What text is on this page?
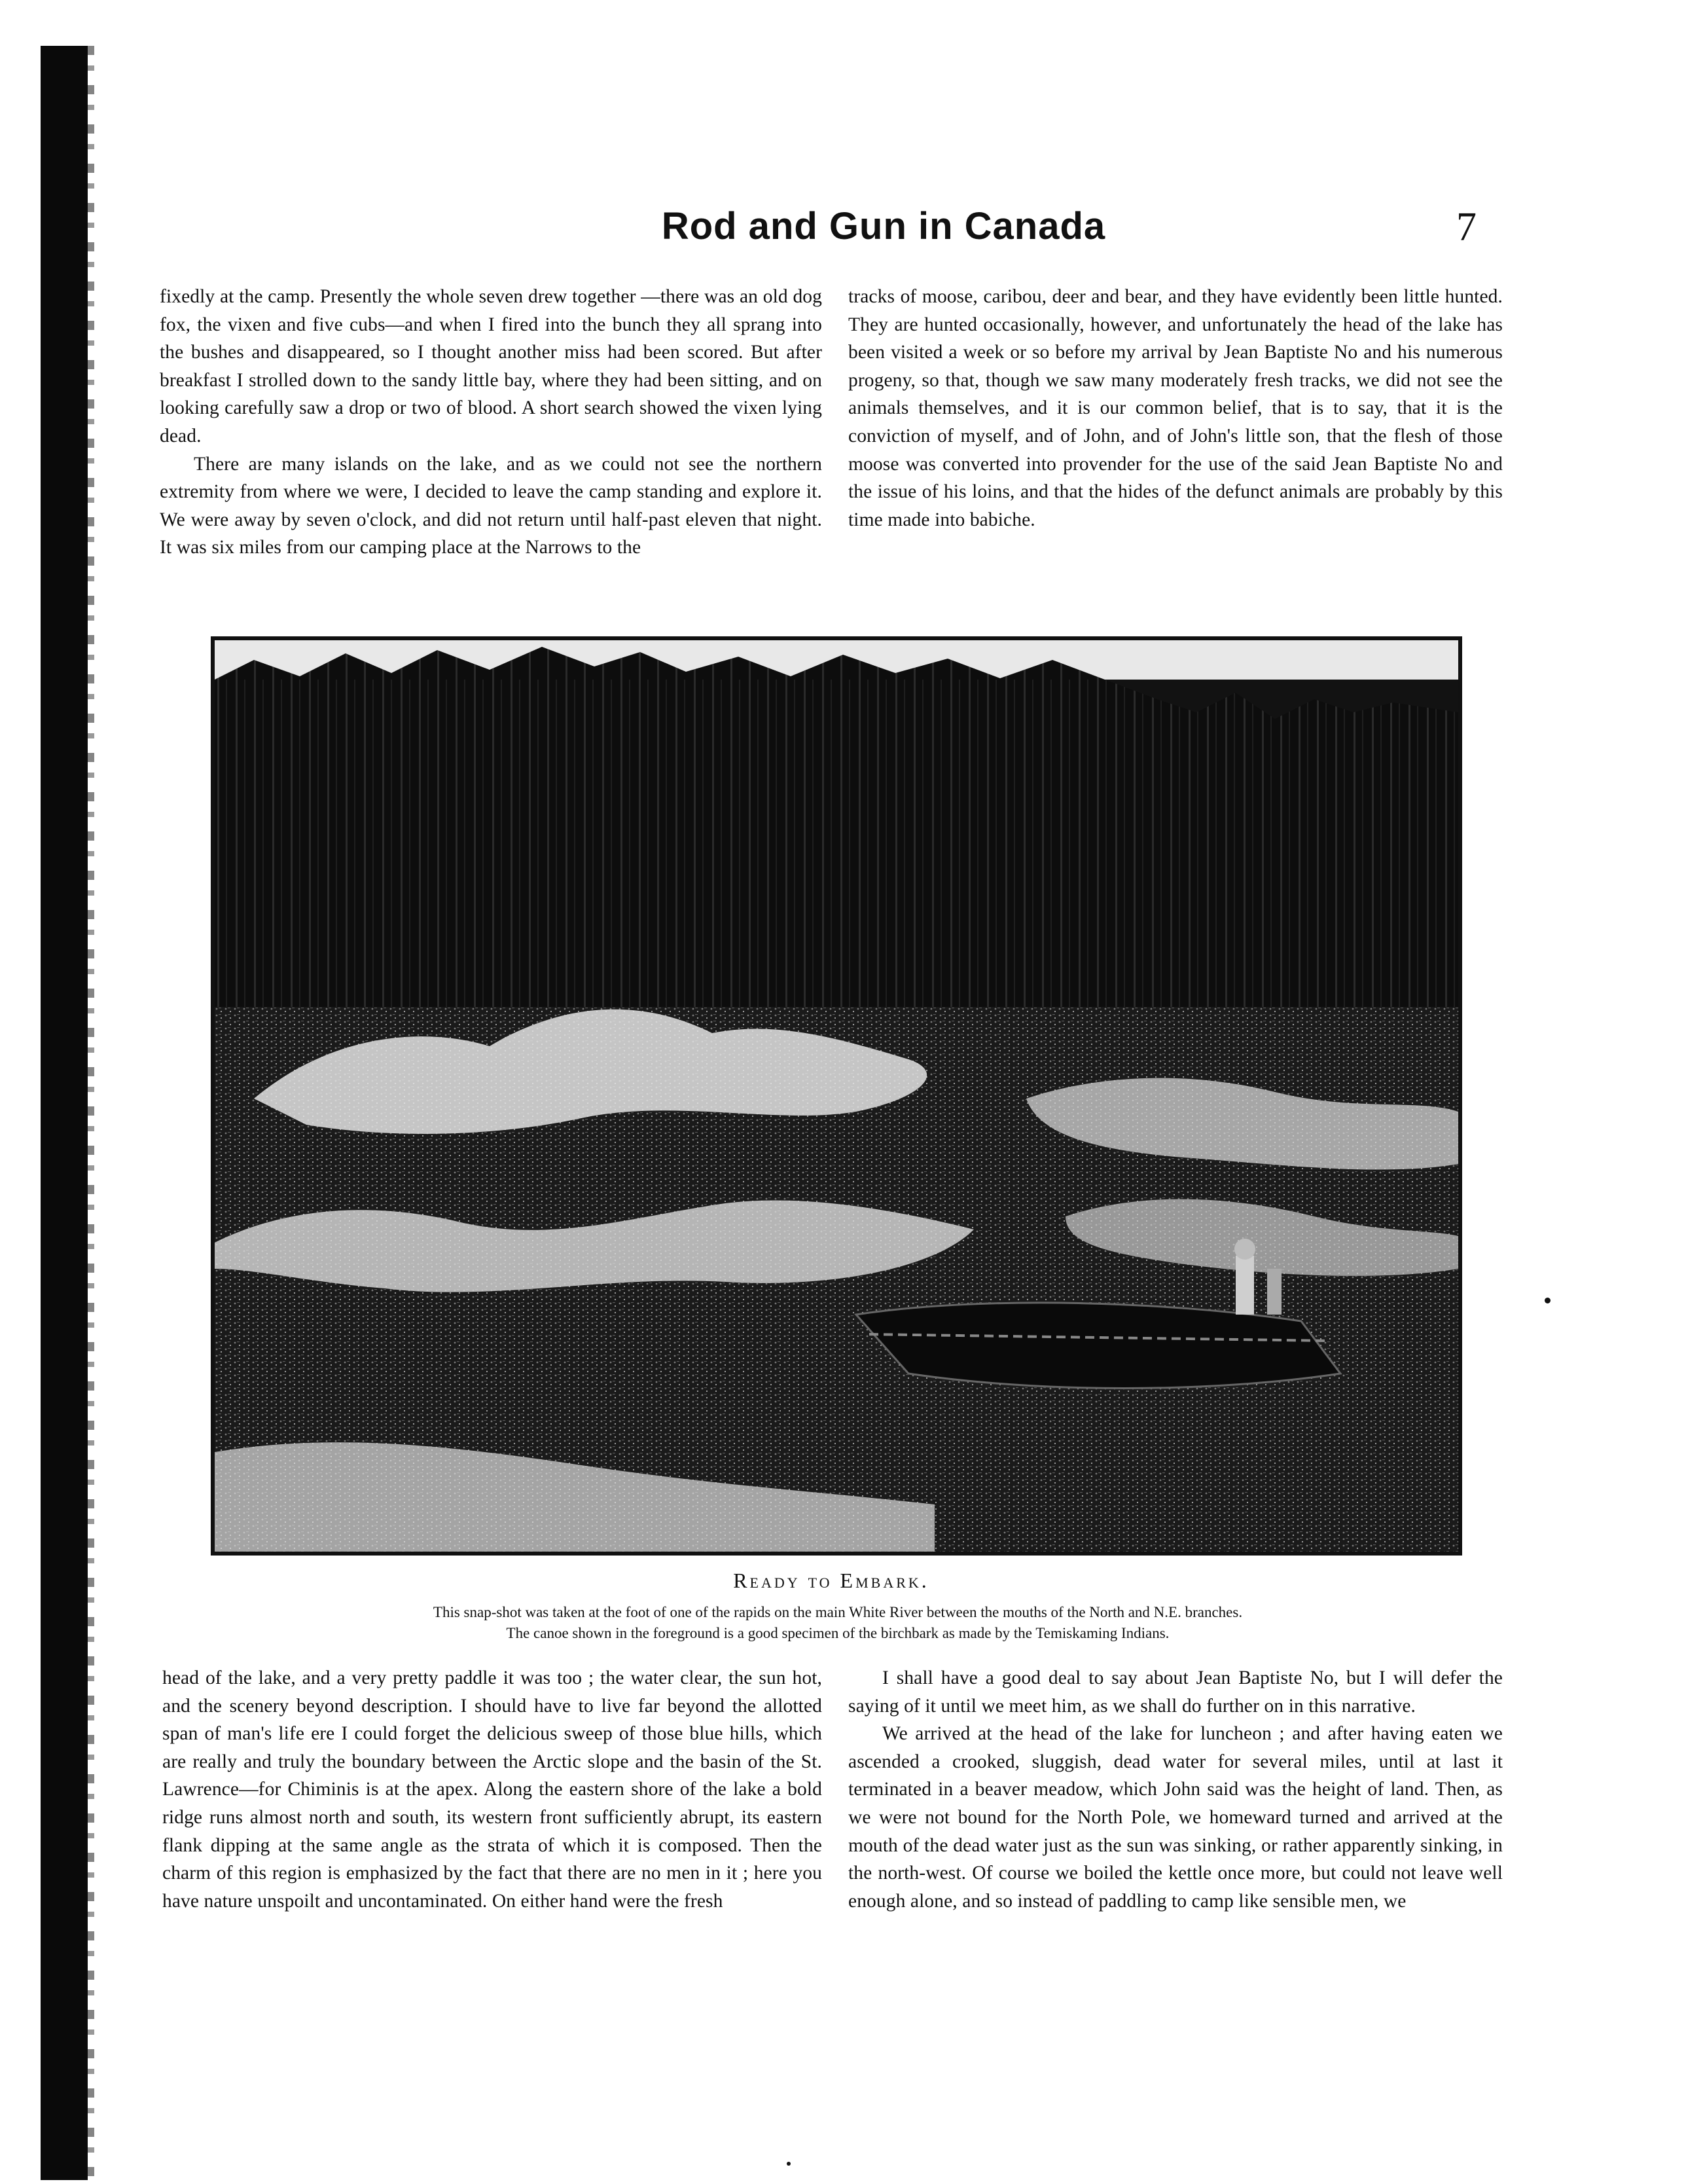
Rod and Gun in Canada	7

fixedly at the camp. Presently the whole seven drew together —there was an old dog fox, the vixen and five cubs—and when I fired into the bunch they all sprang into the bushes and disappeared, so I thought another miss had been scored. But after breakfast I strolled down to the sandy little bay, where they had been sitting, and on looking carefully saw a drop or two of blood. A short search showed the vixen lying dead.

There are many islands on the lake, and as we could not see the northern extremity from where we were, I decided to leave the camp standing and explore it. We were away by seven o'clock, and did not return until half-past eleven that night. It was six miles from our camping place at the Narrows to the

tracks of moose, caribou, deer and bear, and they have evidently been little hunted. They are hunted occasionally, however, and unfortunately the head of the lake has been visited a week or so before my arrival by Jean Baptiste No and his numerous progeny, so that, though we saw many moderately fresh tracks, we did not see the animals themselves, and it is our common belief, that is to say, that it is the conviction of myself, and of John, and of John's little son, that the flesh of those moose was converted into provender for the use of the said Jean Baptiste No and the issue of his loins, and that the hides of the defunct animals are probably by this time made into babiche.

Ready to Embark.
This snap-shot was taken at the foot of one of the rapids on the main White River between the mouths of the North and N.E. branches.
The canoe shown in the foreground is a good specimen of the birchbark as made by the Temiskaming Indians.

head of the lake, and a very pretty paddle it was too ; the water clear, the sun hot, and the scenery beyond description. I should have to live far beyond the allotted span of man's life ere I could forget the delicious sweep of those blue hills, which are really and truly the boundary between the Arctic slope and the basin of the St. Lawrence—for Chiminis is at the apex. Along the eastern shore of the lake a bold ridge runs almost north and south, its western front sufficiently abrupt, its eastern flank dipping at the same angle as the strata of which it is composed. Then the charm of this region is emphasized by the fact that there are no men in it ; here you have nature unspoilt and uncontaminated. On either hand were the fresh

I shall have a good deal to say about Jean Baptiste No, but I will defer the saying of it until we meet him, as we shall do further on in this narrative.

We arrived at the head of the lake for luncheon ; and after having eaten we ascended a crooked, sluggish, dead water for several miles, until at last it terminated in a beaver meadow, which John said was the height of land. Then, as we were not bound for the North Pole, we homeward turned and arrived at the mouth of the dead water just as the sun was sinking, or rather apparently sinking, in the north-west. Of course we boiled the kettle once more, but could not leave well enough alone, and so instead of paddling to camp like sensible men, we
